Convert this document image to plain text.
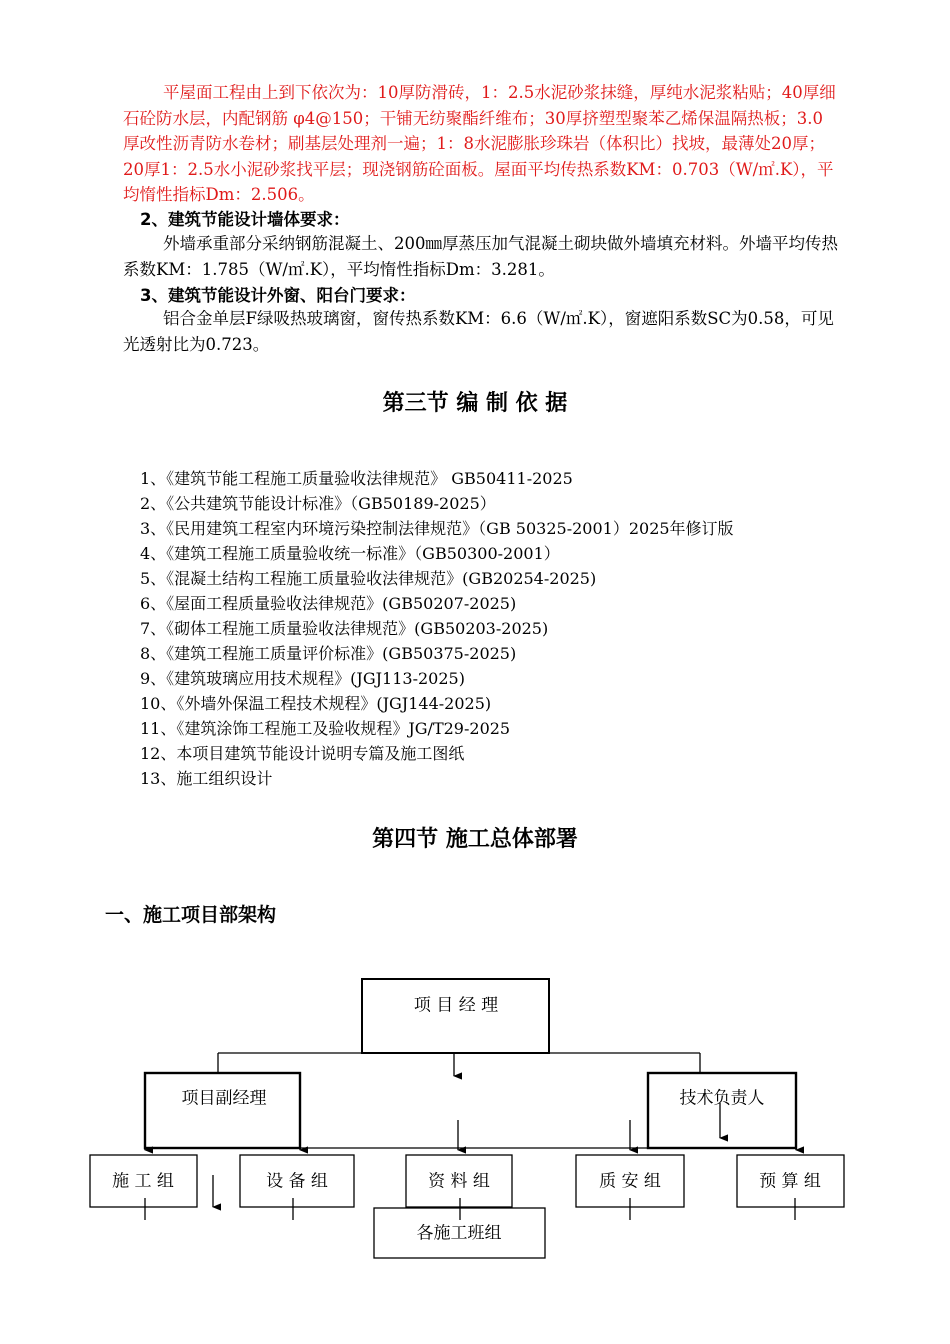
平屋面工程由上到下依次为：10厚防滑砖，1：2.5水泥砂浆抹缝，厚纯水泥浆粘贴；40厚细石砼防水层，内配钢筋 φ4@150；干铺无纺聚酯纤维布；30厚挤塑型聚苯乙烯保温隔热板；3.0厚改性沥青防水卷材；刷基层处理剂一遍；1：8水泥膨胀珍珠岩（体积比）找坡，最薄处20厚；20厚1：2.5水小泥砂浆找平层；现浇钢筋砼面板。屋面平均传热系数KM：0.703（W/㎡.K），平均惰性指标Dm：2.506。
2、建筑节能设计墙体要求：
外墙承重部分采纳钢筋混凝土、200㎜厚蒸压加气混凝土砌块做外墙填充材料。外墙平均传热系数KM：1.785（W/㎡.K），平均惰性指标Dm：3.281。
3、建筑节能设计外窗、阳台门要求：
铝合金单层F绿吸热玻璃窗，窗传热系数KM：6.6（W/㎡.K），窗遮阳系数SC为0.58，可见光透射比为0.723。
第三节 编 制 依 据
1、《建筑节能工程施工质量验收法律规范》 GB50411-2025
2、《公共建筑节能设计标准》（GB50189-2025）
3、《民用建筑工程室内环境污染控制法律规范》（GB 50325-2001）2025年修订版
4、《建筑工程施工质量验收统一标准》（GB50300-2001）
5、《混凝土结构工程施工质量验收法律规范》(GB20254-2025)
6、《屋面工程质量验收法律规范》(GB50207-2025)
7、《砌体工程施工质量验收法律规范》(GB50203-2025)
8、《建筑工程施工质量评价标准》(GB50375-2025)
9、《建筑玻璃应用技术规程》(JGJ113-2025)
10、《外墙外保温工程技术规程》(JGJ144-2025)
11、《建筑涂饰工程施工及验收规程》JG/T29-2025
12、本项目建筑节能设计说明专篇及施工图纸
13、施工组织设计
第四节 施工总体部署
一、施工项目部架构
项 目 经 理
项目副经理	技术负责人
施 工 组	设 备 组	资 料 组	质 安 组	预 算 组
各施工班组
